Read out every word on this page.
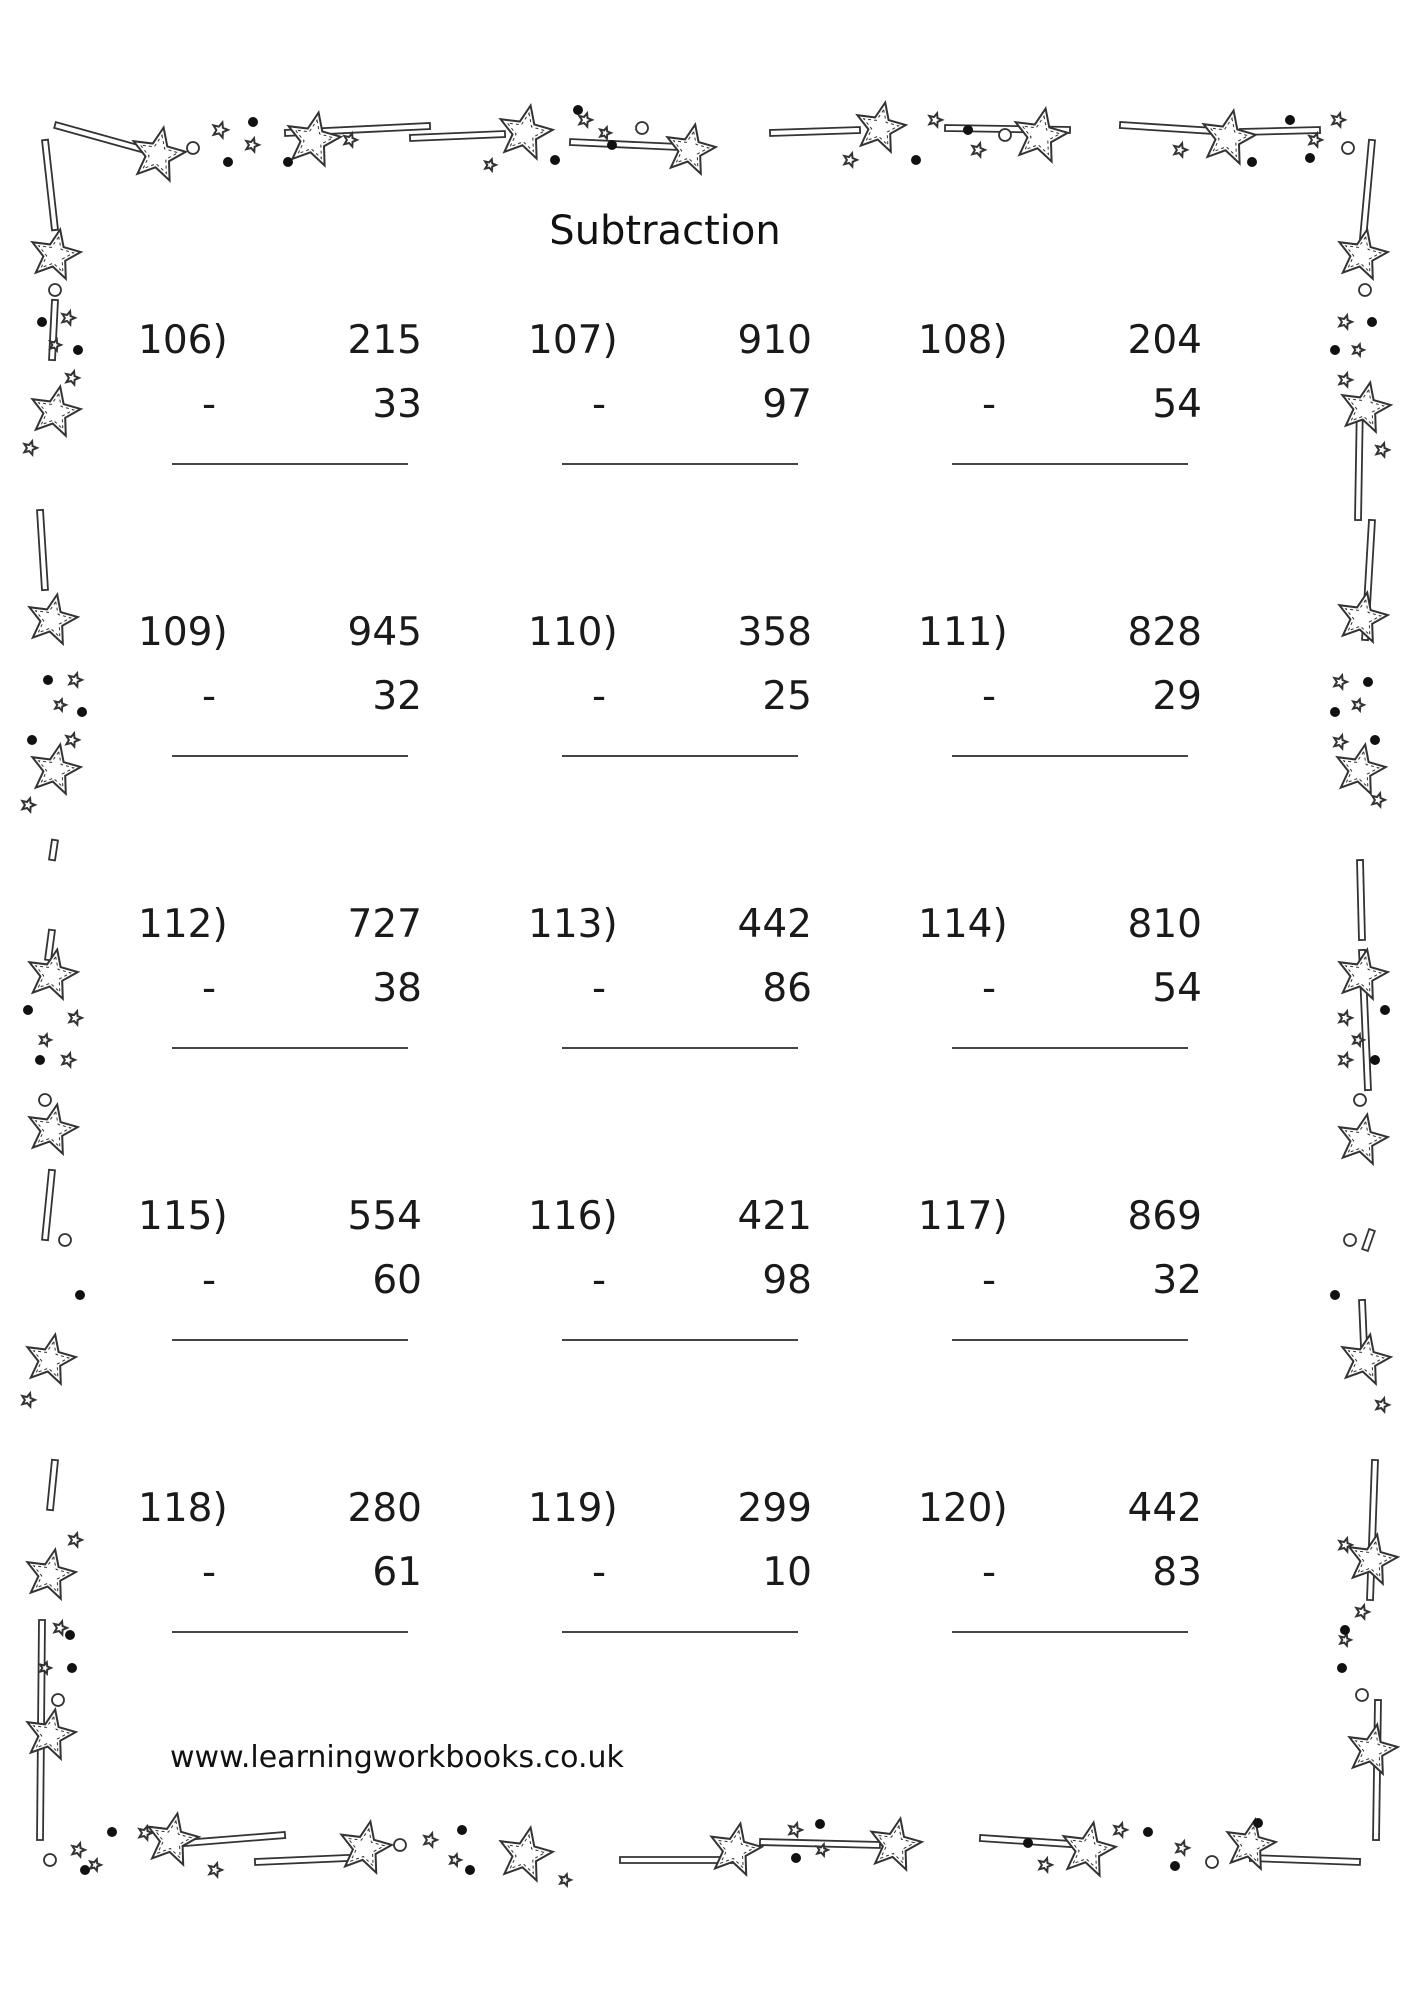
Subtraction
106)	215
-	33
107)	910
-	97
108)	204
-	54
109)	945
-	32
110)	358
-	25
111)	828
-	29
112)	727
-	38
113)	442
-	86
114)	810
-	54
115)	554
-	60
116)	421
-	98
117)	869
-	32
118)	280
-	61
119)	299
-	10
120)	442
-	83
www.learningworkbooks.co.uk
